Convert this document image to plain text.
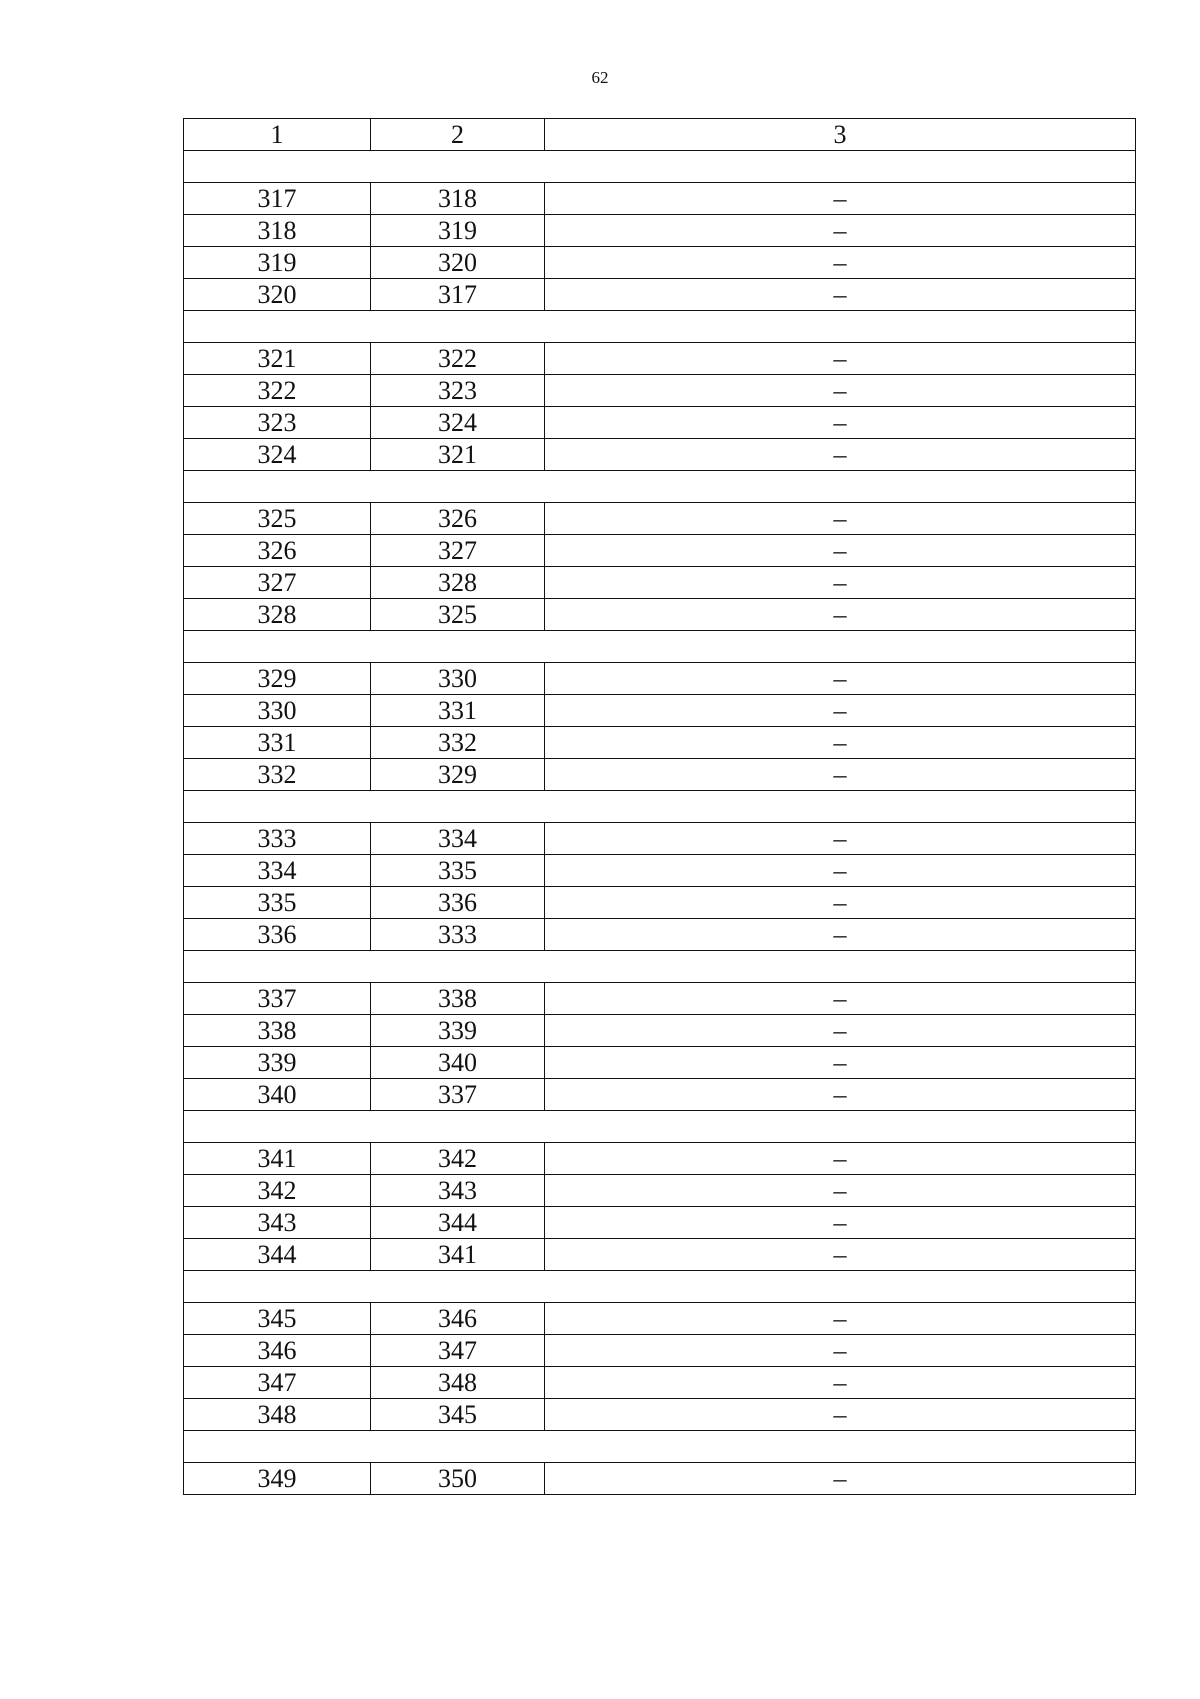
62
1	2	3

317	318	–
318	319	–
319	320	–
320	317	–

321	322	–
322	323	–
323	324	–
324	321	–

325	326	–
326	327	–
327	328	–
328	325	–

329	330	–
330	331	–
331	332	–
332	329	–

333	334	–
334	335	–
335	336	–
336	333	–

337	338	–
338	339	–
339	340	–
340	337	–

341	342	–
342	343	–
343	344	–
344	341	–

345	346	–
346	347	–
347	348	–
348	345	–

349	350	–
